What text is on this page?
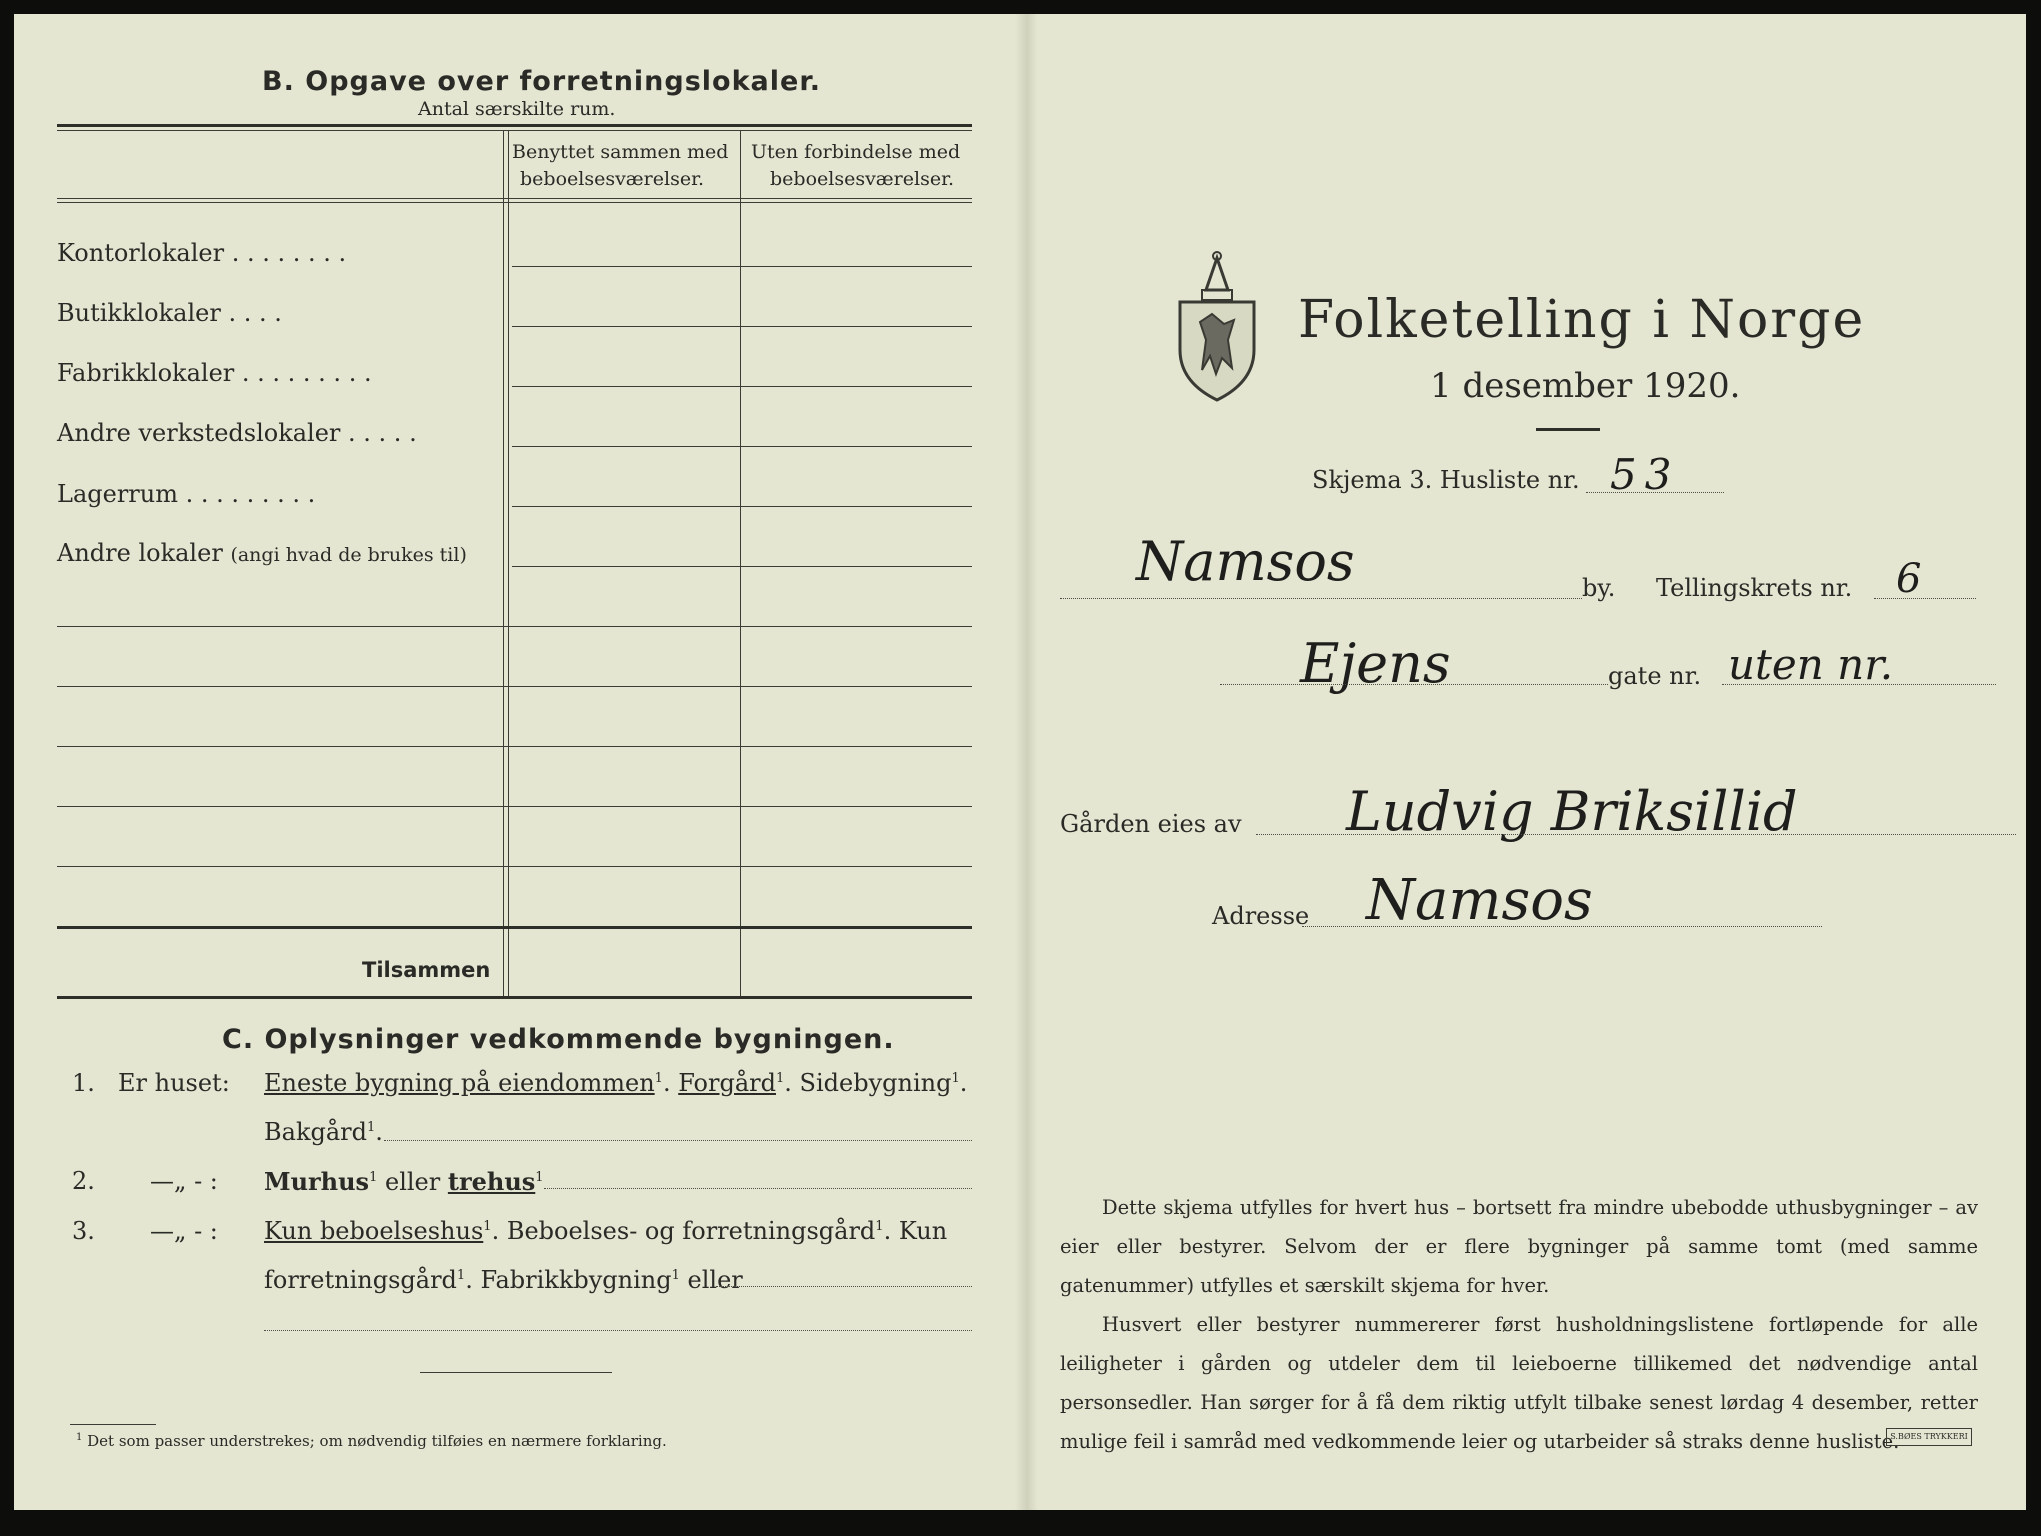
B. Opgave over forretningslokaler.
Antal særskilte rum.
Benyttet sammen med
beboelsesværelser.
Uten forbindelse med
beboelsesværelser.
Kontorlokaler . . . . . . . .
Butikklokaler . . . .
Fabrikklokaler . . . . . . . . .
Andre verkstedslokaler . . . . .
Lagerrum . . . . . . . . .
Andre lokaler (angi hvad de brukes til)
Tilsammen
C. Oplysninger vedkommende bygningen.
1. Er huset: Eneste bygning på eiendommen$^1$. Forgård$^1$. Sidebygning$^1$.
Bakgård$^1$.
2. —„ - : Murhus$^1$ eller trehus$^1$
3. —„ - : Kun beboelseshus$^1$. Beboelses- og forretningsgård$^1$. Kun
forretningsgård$^1$. Fabrikkbygning$^1$ eller
$^1$ Det som passer understrekes; om nødvendig tilføies en nærmere forklaring.
Folketelling i Norge
1 desember 1920.
Skjema 3. Husliste nr. 53
Namsos	by. Tellingskrets nr. 6
Ejens	gate nr. uten nr.
Gården eies av Ludvig Briksillid
Adresse Namsos

Dette skjema utfylles for hvert hus – bortsett fra mindre ubebodde uthusbygninger – av eier eller bestyrer. Selvom der er flere bygninger på samme tomt (med samme gatenummer) utfylles et særskilt skjema for hver.

Husvert eller bestyrer nummererer først husholdningslistene fortløpende for alle leiligheter i gården og utdeler dem til leieboerne tillikemed det nødvendige antal personsedler. Han sørger for å få dem riktig utfylt tilbake senest lørdag 4 desember, retter mulige feil i samråd med vedkommende leier og utarbeider så straks denne husliste.

S.BØES TRYKKERI
